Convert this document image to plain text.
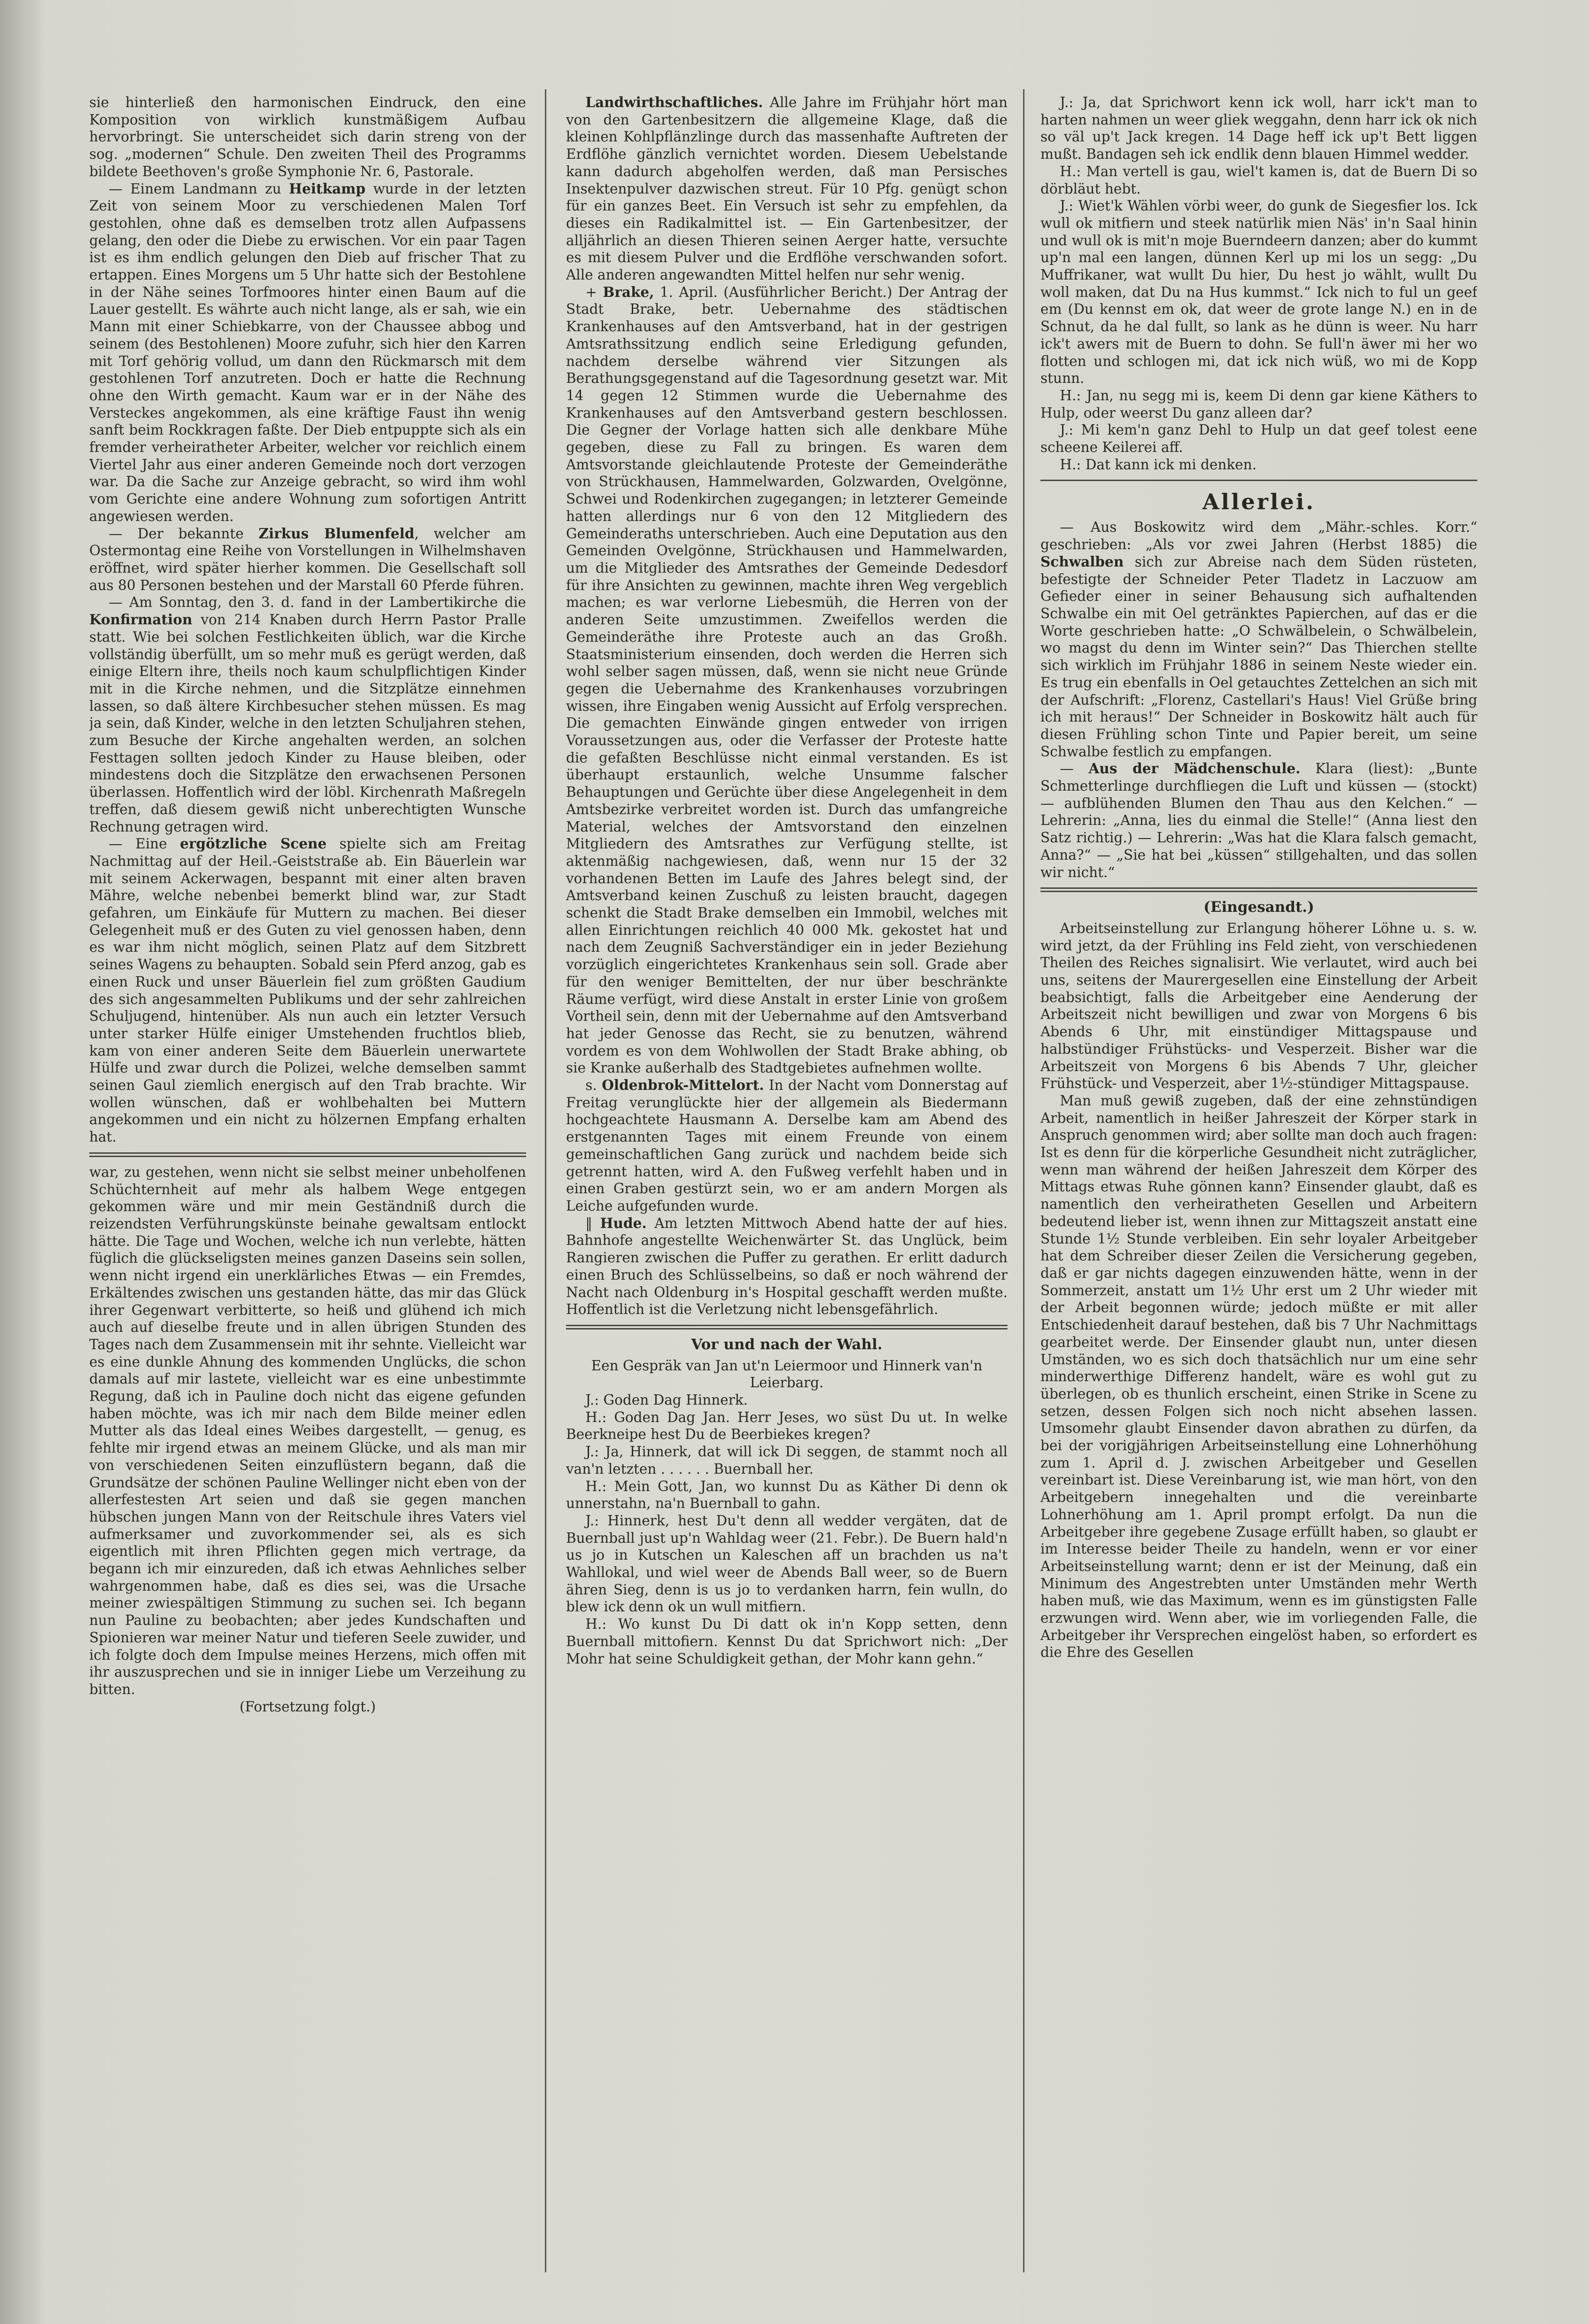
sie hinterließ den harmonischen Eindruck, den eine Komposition von wirklich kunstmäßigem Aufbau hervorbringt. Sie unterscheidet sich darin streng von der sog. „modernen“ Schule. Den zweiten Theil des Programms bildete Beethoven's große Symphonie Nr. 6, Pastorale.

— Einem Landmann zu Heitkamp wurde in der letzten Zeit von seinem Moor zu verschiedenen Malen Torf gestohlen, ohne daß es demselben trotz allen Aufpassens gelang, den oder die Diebe zu erwischen. Vor ein paar Tagen ist es ihm endlich gelungen den Dieb auf frischer That zu ertappen. Eines Morgens um 5 Uhr hatte sich der Bestohlene in der Nähe seines Torfmoores hinter einen Baum auf die Lauer gestellt. Es währte auch nicht lange, als er sah, wie ein Mann mit einer Schiebkarre, von der Chaussee abbog und seinem (des Bestohlenen) Moore zufuhr, sich hier den Karren mit Torf gehörig vollud, um dann den Rückmarsch mit dem gestohlenen Torf anzutreten. Doch er hatte die Rechnung ohne den Wirth gemacht. Kaum war er in der Nähe des Versteckes angekommen, als eine kräftige Faust ihn wenig sanft beim Rockkragen faßte. Der Dieb entpuppte sich als ein fremder verheiratheter Arbeiter, welcher vor reichlich einem Viertel Jahr aus einer anderen Gemeinde noch dort verzogen war. Da die Sache zur Anzeige gebracht, so wird ihm wohl vom Gerichte eine andere Wohnung zum sofortigen Antritt angewiesen werden.

— Der bekannte Zirkus Blumenfeld, welcher am Ostermontag eine Reihe von Vorstellungen in Wilhelmshaven eröffnet, wird später hierher kommen. Die Gesellschaft soll aus 80 Personen bestehen und der Marstall 60 Pferde führen.

— Am Sonntag, den 3. d. fand in der Lambertikirche die Konfirmation von 214 Knaben durch Herrn Pastor Pralle statt. Wie bei solchen Festlichkeiten üblich, war die Kirche vollständig überfüllt, um so mehr muß es gerügt werden, daß einige Eltern ihre, theils noch kaum schulpflichtigen Kinder mit in die Kirche nehmen, und die Sitzplätze einnehmen lassen, so daß ältere Kirchbesucher stehen müssen. Es mag ja sein, daß Kinder, welche in den letzten Schuljahren stehen, zum Besuche der Kirche angehalten werden, an solchen Festtagen sollten jedoch Kinder zu Hause bleiben, oder mindestens doch die Sitzplätze den erwachsenen Personen überlassen. Hoffentlich wird der löbl. Kirchenrath Maßregeln treffen, daß diesem gewiß nicht unberechtigten Wunsche Rechnung getragen wird.

— Eine ergötzliche Scene spielte sich am Freitag Nachmittag auf der Heil.-Geiststraße ab. Ein Bäuerlein war mit seinem Ackerwagen, bespannt mit einer alten braven Mähre, welche nebenbei bemerkt blind war, zur Stadt gefahren, um Einkäufe für Muttern zu machen. Bei dieser Gelegenheit muß er des Guten zu viel genossen haben, denn es war ihm nicht möglich, seinen Platz auf dem Sitzbrett seines Wagens zu behaupten. Sobald sein Pferd anzog, gab es einen Ruck und unser Bäuerlein fiel zum größten Gaudium des sich angesammelten Publikums und der sehr zahlreichen Schuljugend, hintenüber. Als nun auch ein letzter Versuch unter starker Hülfe einiger Umstehenden fruchtlos blieb, kam von einer anderen Seite dem Bäuerlein unerwartete Hülfe und zwar durch die Polizei, welche demselben sammt seinen Gaul ziemlich energisch auf den Trab brachte. Wir wollen wünschen, daß er wohlbehalten bei Muttern angekommen und ein nicht zu hölzernen Empfang erhalten hat.

war, zu gestehen, wenn nicht sie selbst meiner unbeholfenen Schüchternheit auf mehr als halbem Wege entgegen gekommen wäre und mir mein Geständniß durch die reizendsten Verführungskünste beinahe gewaltsam entlockt hätte. Die Tage und Wochen, welche ich nun verlebte, hätten füglich die glückseligsten meines ganzen Daseins sein sollen, wenn nicht irgend ein unerklärliches Etwas — ein Fremdes, Erkältendes zwischen uns gestanden hätte, das mir das Glück ihrer Gegenwart verbitterte, so heiß und glühend ich mich auch auf dieselbe freute und in allen übrigen Stunden des Tages nach dem Zusammensein mit ihr sehnte. Vielleicht war es eine dunkle Ahnung des kommenden Unglücks, die schon damals auf mir lastete, vielleicht war es eine unbestimmte Regung, daß ich in Pauline doch nicht das eigene gefunden haben möchte, was ich mir nach dem Bilde meiner edlen Mutter als das Ideal eines Weibes dargestellt, — genug, es fehlte mir irgend etwas an meinem Glücke, und als man mir von verschiedenen Seiten einzuflüstern begann, daß die Grundsätze der schönen Pauline Wellinger nicht eben von der allerfestesten Art seien und daß sie gegen manchen hübschen jungen Mann von der Reitschule ihres Vaters viel aufmerksamer und zuvorkommender sei, als es sich eigentlich mit ihren Pflichten gegen mich vertrage, da begann ich mir einzureden, daß ich etwas Aehnliches selber wahrgenommen habe, daß es dies sei, was die Ursache meiner zwiespältigen Stimmung zu suchen sei. Ich begann nun Pauline zu beobachten; aber jedes Kundschaften und Spionieren war meiner Natur und tieferen Seele zuwider, und ich folgte doch dem Impulse meines Herzens, mich offen mit ihr auszusprechen und sie in inniger Liebe um Verzeihung zu bitten.

(Fortsetzung folgt.)

Landwirthschaftliches. Alle Jahre im Frühjahr hört man von den Gartenbesitzern die allgemeine Klage, daß die kleinen Kohlpflänzlinge durch das massenhafte Auftreten der Erdflöhe gänzlich vernichtet worden. Diesem Uebelstande kann dadurch abgeholfen werden, daß man Persisches Insektenpulver dazwischen streut. Für 10 Pfg. genügt schon für ein ganzes Beet. Ein Versuch ist sehr zu empfehlen, da dieses ein Radikalmittel ist. — Ein Gartenbesitzer, der alljährlich an diesen Thieren seinen Aerger hatte, versuchte es mit diesem Pulver und die Erdflöhe verschwanden sofort. Alle anderen angewandten Mittel helfen nur sehr wenig.

+ Brake, 1. April. (Ausführlicher Bericht.) Der Antrag der Stadt Brake, betr. Uebernahme des städtischen Krankenhauses auf den Amtsverband, hat in der gestrigen Amtsrathssitzung endlich seine Erledigung gefunden, nachdem derselbe während vier Sitzungen als Berathungsgegenstand auf die Tagesordnung gesetzt war. Mit 14 gegen 12 Stimmen wurde die Uebernahme des Krankenhauses auf den Amtsverband gestern beschlossen. Die Gegner der Vorlage hatten sich alle denkbare Mühe gegeben, diese zu Fall zu bringen. Es waren dem Amtsvorstande gleichlautende Proteste der Gemeinderäthe von Strückhausen, Hammelwarden, Golzwarden, Ovelgönne, Schwei und Rodenkirchen zugegangen; in letzterer Gemeinde hatten allerdings nur 6 von den 12 Mitgliedern des Gemeinderaths unterschrieben. Auch eine Deputation aus den Gemeinden Ovelgönne, Strückhausen und Hammelwarden, um die Mitglieder des Amtsrathes der Gemeinde Dedesdorf für ihre Ansichten zu gewinnen, machte ihren Weg vergeblich machen; es war verlorne Liebesmüh, die Herren von der anderen Seite umzustimmen. Zweifellos werden die Gemeinderäthe ihre Proteste auch an das Großh. Staatsministerium einsenden, doch werden die Herren sich wohl selber sagen müssen, daß, wenn sie nicht neue Gründe gegen die Uebernahme des Krankenhauses vorzubringen wissen, ihre Eingaben wenig Aussicht auf Erfolg versprechen. Die gemachten Einwände gingen entweder von irrigen Voraussetzungen aus, oder die Verfasser der Proteste hatte die gefaßten Beschlüsse nicht einmal verstanden. Es ist überhaupt erstaunlich, welche Unsumme falscher Behauptungen und Gerüchte über diese Angelegenheit in dem Amtsbezirke verbreitet worden ist. Durch das umfangreiche Material, welches der Amtsvorstand den einzelnen Mitgliedern des Amtsrathes zur Verfügung stellte, ist aktenmäßig nachgewiesen, daß, wenn nur 15 der 32 vorhandenen Betten im Laufe des Jahres belegt sind, der Amtsverband keinen Zuschuß zu leisten braucht, dagegen schenkt die Stadt Brake demselben ein Immobil, welches mit allen Einrichtungen reichlich 40 000 Mk. gekostet hat und nach dem Zeugniß Sachverständiger ein in jeder Beziehung vorzüglich eingerichtetes Krankenhaus sein soll. Grade aber für den weniger Bemittelten, der nur über beschränkte Räume verfügt, wird diese Anstalt in erster Linie von großem Vortheil sein, denn mit der Uebernahme auf den Amtsverband hat jeder Genosse das Recht, sie zu benutzen, während vordem es von dem Wohlwollen der Stadt Brake abhing, ob sie Kranke außerhalb des Stadtgebietes aufnehmen wollte.

s. Oldenbrok-Mittelort. In der Nacht vom Donnerstag auf Freitag verunglückte hier der allgemein als Biedermann hochgeachtete Hausmann A. Derselbe kam am Abend des erstgenannten Tages mit einem Freunde von einem gemeinschaftlichen Gang zurück und nachdem beide sich getrennt hatten, wird A. den Fußweg verfehlt haben und in einen Graben gestürzt sein, wo er am andern Morgen als Leiche aufgefunden wurde.

‖ Hude. Am letzten Mittwoch Abend hatte der auf hies. Bahnhofe angestellte Weichenwärter St. das Unglück, beim Rangieren zwischen die Puffer zu gerathen. Er erlitt dadurch einen Bruch des Schlüsselbeins, so daß er noch während der Nacht nach Oldenburg in's Hospital geschafft werden mußte. Hoffentlich ist die Verletzung nicht lebensgefährlich.

Vor und nach der Wahl.

Een Gespräk van Jan ut'n Leiermoor und Hinnerk van'n Leierbarg.

J.: Goden Dag Hinnerk.

H.: Goden Dag Jan. Herr Jeses, wo süst Du ut. In welke Beerkneipe hest Du de Beerbiekes kregen?

J.: Ja, Hinnerk, dat will ick Di seggen, de stammt noch all van'n letzten . . . . . . Buernball her.

H.: Mein Gott, Jan, wo kunnst Du as Käther Di denn ok unnerstahn, na'n Buernball to gahn.

J.: Hinnerk, hest Du't denn all wedder vergäten, dat de Buernball just up'n Wahldag weer (21. Febr.). De Buern hald'n us jo in Kutschen un Kaleschen aff un brachden us na't Wahllokal, und wiel weer de Abends Ball weer, so de Buern ähren Sieg, denn is us jo to verdanken harrn, fein wulln, do blew ick denn ok un wull mitfiern.

H.: Wo kunst Du Di datt ok in'n Kopp setten, denn Buernball mittofiern. Kennst Du dat Sprichwort nich: „Der Mohr hat seine Schuldigkeit gethan, der Mohr kann gehn.“

J.: Ja, dat Sprichwort kenn ick woll, harr ick't man to harten nahmen un weer gliek weggahn, denn harr ick ok nich so väl up't Jack kregen. 14 Dage heff ick up't Bett liggen mußt. Bandagen seh ick endlik denn blauen Himmel wedder.

H.: Man vertell is gau, wiel't kamen is, dat de Buern Di so dörbläut hebt.

J.: Wiet'k Wählen vörbi weer, do gunk de Siegesfier los. Ick wull ok mitfiern und steek natürlik mien Näs' in'n Saal hinin und wull ok is mit'n moje Buerndeern danzen; aber do kummt up'n mal een langen, dünnen Kerl up mi los un segg: „Du Muffrikaner, wat wullt Du hier, Du hest jo wählt, wullt Du woll maken, dat Du na Hus kummst.“ Ick nich to ful un geef em (Du kennst em ok, dat weer de grote lange N.) en in de Schnut, da he dal fullt, so lank as he dünn is weer. Nu harr ick't awers mit de Buern to dohn. Se full'n äwer mi her wo flotten und schlogen mi, dat ick nich wüß, wo mi de Kopp stunn.

H.: Jan, nu segg mi is, keem Di denn gar kiene Käthers to Hulp, oder weerst Du ganz alleen dar?

J.: Mi kem'n ganz Dehl to Hulp un dat geef tolest eene scheene Keilerei aff.

H.: Dat kann ick mi denken.

Allerlei.

— Aus Boskowitz wird dem „Mähr.-schles. Korr.“ geschrieben: „Als vor zwei Jahren (Herbst 1885) die Schwalben sich zur Abreise nach dem Süden rüsteten, befestigte der Schneider Peter Tladetz in Laczuow am Gefieder einer in seiner Behausung sich aufhaltenden Schwalbe ein mit Oel getränktes Papierchen, auf das er die Worte geschrieben hatte: „O Schwälbelein, o Schwälbelein, wo magst du denn im Winter sein?“ Das Thierchen stellte sich wirklich im Frühjahr 1886 in seinem Neste wieder ein. Es trug ein ebenfalls in Oel getauchtes Zettelchen an sich mit der Aufschrift: „Florenz, Castellari's Haus! Viel Grüße bring ich mit heraus!“ Der Schneider in Boskowitz hält auch für diesen Frühling schon Tinte und Papier bereit, um seine Schwalbe festlich zu empfangen.

— Aus der Mädchenschule. Klara (liest): „Bunte Schmetterlinge durchfliegen die Luft und küssen — (stockt) — aufblühenden Blumen den Thau aus den Kelchen.“ — Lehrerin: „Anna, lies du einmal die Stelle!“ (Anna liest den Satz richtig.) — Lehrerin: „Was hat die Klara falsch gemacht, Anna?“ — „Sie hat bei „küssen“ stillgehalten, und das sollen wir nicht.“

(Eingesandt.)

Arbeitseinstellung zur Erlangung höherer Löhne u. s. w. wird jetzt, da der Frühling ins Feld zieht, von verschiedenen Theilen des Reiches signalisirt. Wie verlautet, wird auch bei uns, seitens der Maurergesellen eine Einstellung der Arbeit beabsichtigt, falls die Arbeitgeber eine Aenderung der Arbeitszeit nicht bewilligen und zwar von Morgens 6 bis Abends 6 Uhr, mit einstündiger Mittagspause und halbstündiger Frühstücks- und Vesperzeit. Bisher war die Arbeitszeit von Morgens 6 bis Abends 7 Uhr, gleicher Frühstück- und Vesperzeit, aber 1½-stündiger Mittagspause.

Man muß gewiß zugeben, daß der eine zehnstündigen Arbeit, namentlich in heißer Jahreszeit der Körper stark in Anspruch genommen wird; aber sollte man doch auch fragen: Ist es denn für die körperliche Gesundheit nicht zuträglicher, wenn man während der heißen Jahreszeit dem Körper des Mittags etwas Ruhe gönnen kann? Einsender glaubt, daß es namentlich den verheiratheten Gesellen und Arbeitern bedeutend lieber ist, wenn ihnen zur Mittagszeit anstatt eine Stunde 1½ Stunde verbleiben. Ein sehr loyaler Arbeitgeber hat dem Schreiber dieser Zeilen die Versicherung gegeben, daß er gar nichts dagegen einzuwenden hätte, wenn in der Sommerzeit, anstatt um 1½ Uhr erst um 2 Uhr wieder mit der Arbeit begonnen würde; jedoch müßte er mit aller Entschiedenheit darauf bestehen, daß bis 7 Uhr Nachmittags gearbeitet werde. Der Einsender glaubt nun, unter diesen Umständen, wo es sich doch thatsächlich nur um eine sehr minderwerthige Differenz handelt, wäre es wohl gut zu überlegen, ob es thunlich erscheint, einen Strike in Scene zu setzen, dessen Folgen sich noch nicht absehen lassen. Umsomehr glaubt Einsender davon abrathen zu dürfen, da bei der vorigjährigen Arbeitseinstellung eine Lohnerhöhung zum 1. April d. J. zwischen Arbeitgeber und Gesellen vereinbart ist. Diese Vereinbarung ist, wie man hört, von den Arbeitgebern innegehalten und die vereinbarte Lohnerhöhung am 1. April prompt erfolgt. Da nun die Arbeitgeber ihre gegebene Zusage erfüllt haben, so glaubt er im Interesse beider Theile zu handeln, wenn er vor einer Arbeitseinstellung warnt; denn er ist der Meinung, daß ein Minimum des Angestrebten unter Umständen mehr Werth haben muß, wie das Maximum, wenn es im günstigsten Falle erzwungen wird. Wenn aber, wie im vorliegenden Falle, die Arbeitgeber ihr Versprechen eingelöst haben, so erfordert es die Ehre des Gesellen
